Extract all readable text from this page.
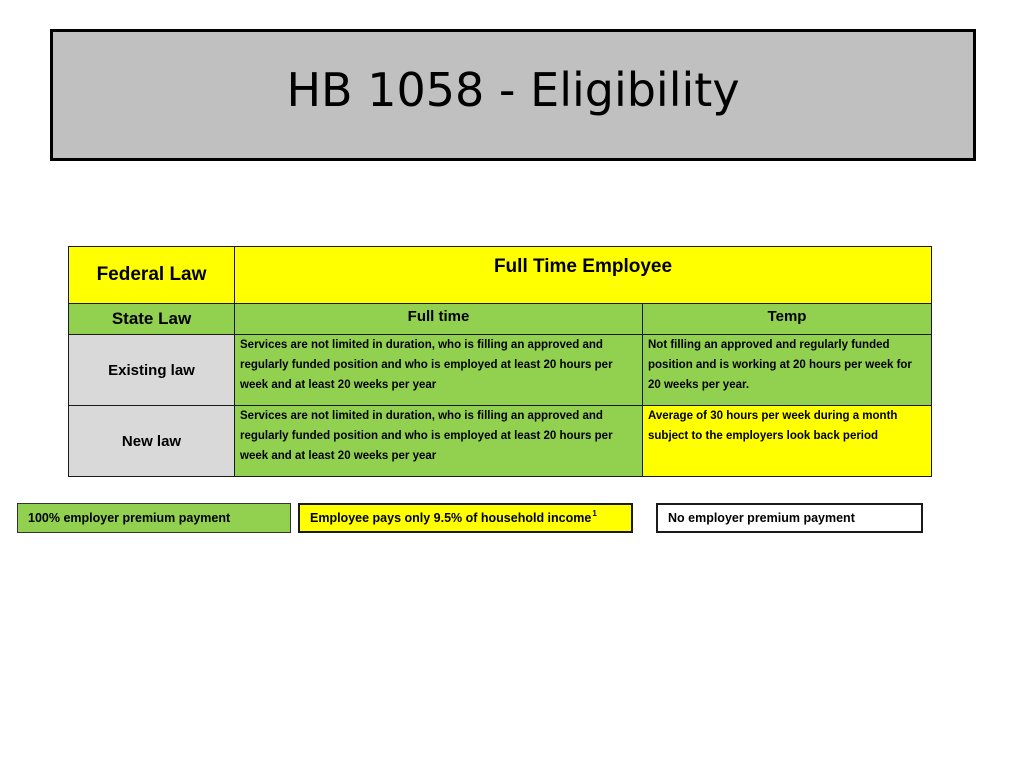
HB 1058 - Eligibility
Federal Law	Full Time Employee	
State Law	Full time	Temp
Existing law	Services are not limited in duration, who is filling an approved and regularly funded position and who is employed at least 20 hours per week and at least 20 weeks per year	Not filling an approved and regularly funded position and is working at 20 hours per week for 20 weeks per year.
New law	Services are not limited in duration, who is filling an approved and regularly funded position and who is employed at least 20 hours per week and at least 20 weeks per year	Average of 30 hours per week during a month subject to the employers look back period
100% employer premium payment	Employee pays only 9.5% of household income 1	No employer premium payment
